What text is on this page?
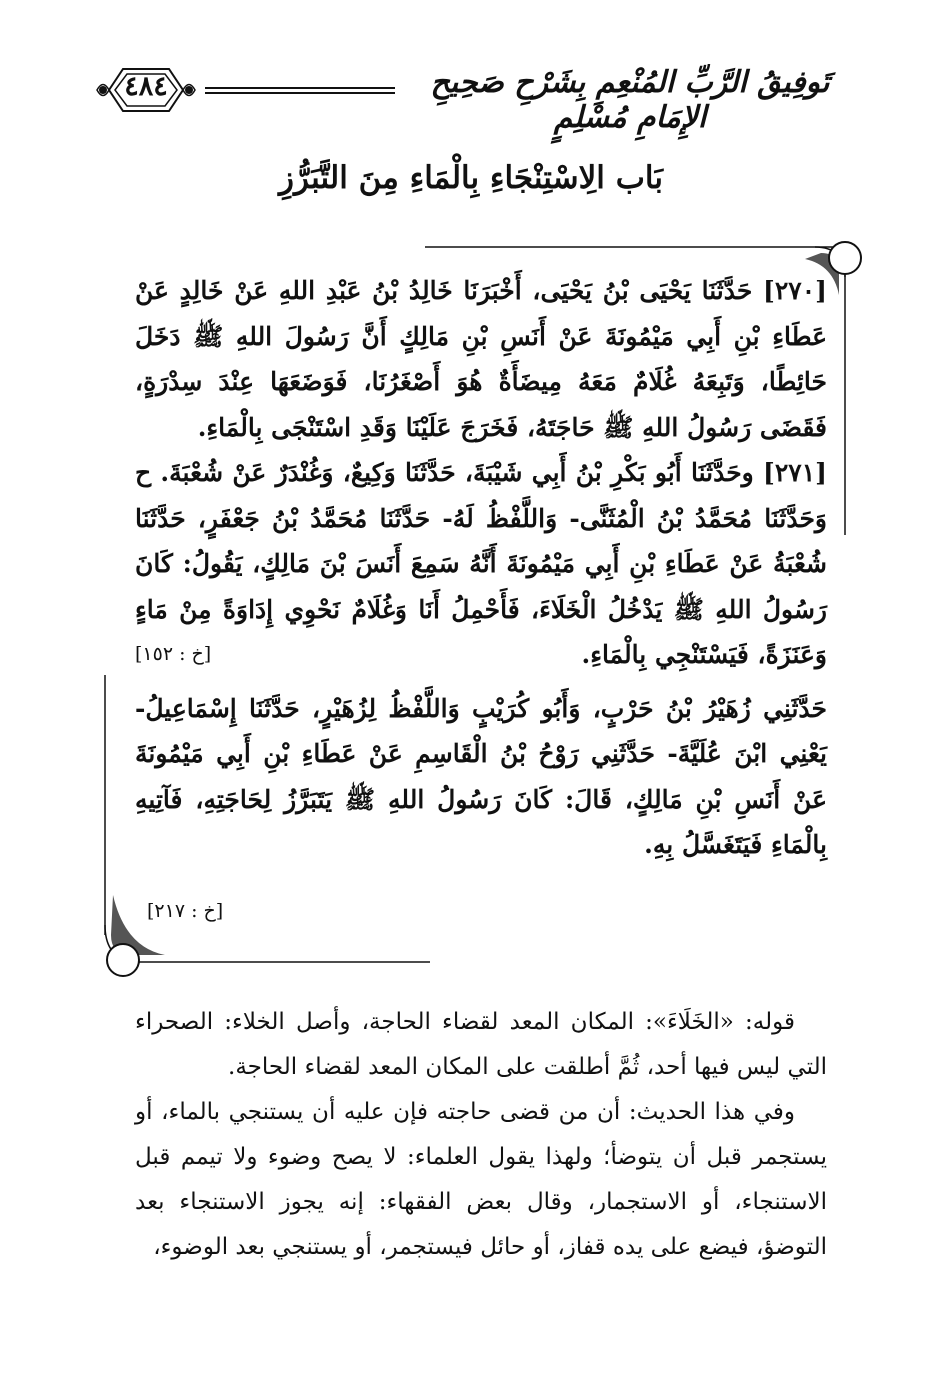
٤٨٤	تَوفِيقُ الرَّبِّ المُنْعِمِ بِشَرْحِ صَحِيحِ الإِمَامِ مُسْلِمٍ
بَاب الِاسْتِنْجَاءِ بِالْمَاءِ مِنَ التَّبَرُّزِ

[٢٧٠] حَدَّثَنَا يَحْيَى بْنُ يَحْيَى، أَخْبَرَنَا خَالِدُ بْنُ عَبْدِ اللهِ عَنْ خَالِدٍ عَنْ عَطَاءِ بْنِ أَبِي مَيْمُونَةَ عَنْ أَنَسِ بْنِ مَالِكٍ أَنَّ رَسُولَ اللهِ ﷺ دَخَلَ حَائِطًا، وَتَبِعَهُ غُلَامٌ مَعَهُ مِيضَأَةٌ هُوَ أَصْغَرُنَا، فَوَضَعَهَا عِنْدَ سِدْرَةٍ، فَقَضَى رَسُولُ اللهِ ﷺ حَاجَتَهُ، فَخَرَجَ عَلَيْنَا وَقَدِ اسْتَنْجَى بِالْمَاءِ.

[٢٧١] وحَدَّثَنَا أَبُو بَكْرِ بْنُ أَبِي شَيْبَةَ، حَدَّثَنَا وَكِيعٌ، وَغُنْدَرٌ عَنْ شُعْبَةَ. ح وَحَدَّثَنَا مُحَمَّدُ بْنُ الْمُثَنَّى- وَاللَّفْظُ لَهُ- حَدَّثَنَا مُحَمَّدُ بْنُ جَعْفَرٍ، حَدَّثَنَا شُعْبَةُ عَنْ عَطَاءِ بْنِ أَبِي مَيْمُونَةَ أَنَّهُ سَمِعَ أَنَسَ بْنَ مَالِكٍ، يَقُولُ: كَانَ رَسُولُ اللهِ ﷺ يَدْخُلُ الْخَلَاءَ، فَأَحْمِلُ أَنَا وَغُلَامٌ نَحْوِي إِدَاوَةً مِنْ مَاءٍ وَعَنَزَةً، فَيَسْتَنْجِي بِالْمَاءِ.
[خ : ١٥٢]

حَدَّثَنِي زُهَيْرُ بْنُ حَرْبٍ، وَأَبُو كُرَيْبٍ وَاللَّفْظُ لِزُهَيْرٍ، حَدَّثَنَا إِسْمَاعِيلُ- يَعْنِي ابْنَ عُلَيَّةَ- حَدَّثَنِي رَوْحُ بْنُ الْقَاسِمِ عَنْ عَطَاءِ بْنِ أَبِي مَيْمُونَةَ عَنْ أَنَسِ بْنِ مَالِكٍ، قَالَ: كَانَ رَسُولُ اللهِ ﷺ يَتَبَرَّزُ لِحَاجَتِهِ، فَآتِيهِ بِالْمَاءِ فَيَتَغَسَّلُ بِهِ.

[خ : ٢١٧]

قوله: «الخَلَاءَ»: المكان المعد لقضاء الحاجة، وأصل الخلاء: الصحراء التي ليس فيها أحد، ثُمَّ أطلقت على المكان المعد لقضاء الحاجة.

وفي هذا الحديث: أن من قضى حاجته فإن عليه أن يستنجي بالماء، أو يستجمر قبل أن يتوضأ؛ ولهذا يقول العلماء: لا يصح وضوء ولا تيمم قبل الاستنجاء، أو الاستجمار، وقال بعض الفقهاء: إنه يجوز الاستنجاء بعد التوضؤ، فيضع على يده قفاز، أو حائل فيستجمر، أو يستنجي بعد الوضوء،
